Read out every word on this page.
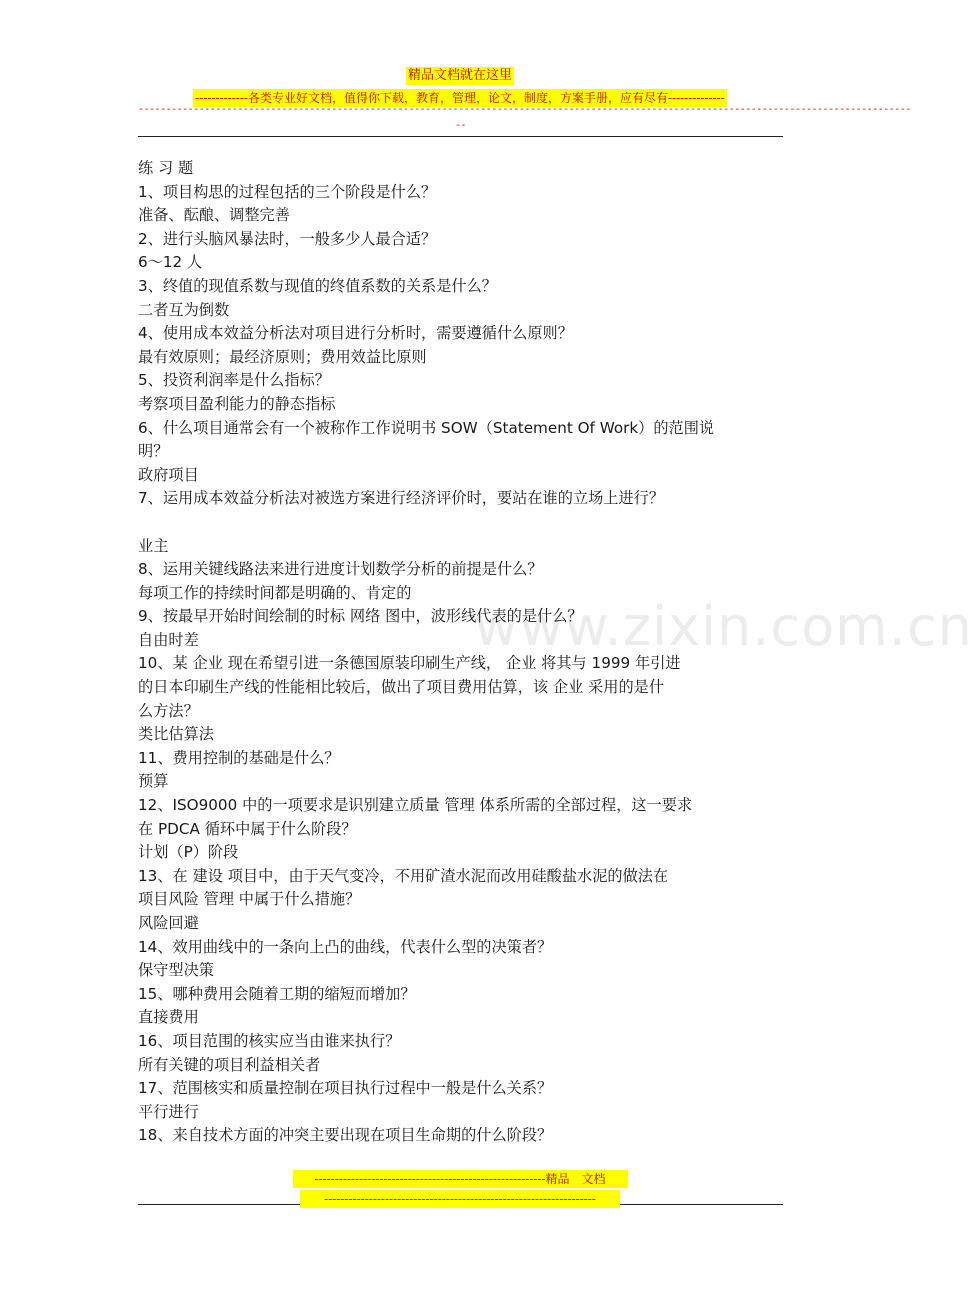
精品文档就在这里
-------------各类专业好文档，值得你下载，教育，管理，论文，制度，方案手册，应有尽有--------------
--------------------------------------------------------------------------------------------------------------------------------------------
--
www.zixin.com.cn

练 习 题

1、项目构思的过程包括的三个阶段是什么？

准备、酝酿、调整完善

2、进行头脑风暴法时，一般多少人最合适？

6～12 人

3、终值的现值系数与现值的终值系数的关系是什么？

二者互为倒数

4、使用成本效益分析法对项目进行分析时，需要遵循什么原则？

最有效原则；最经济原则；费用效益比原则

5、投资利润率是什么指标？

考察项目盈利能力的静态指标

6、什么项目通常会有一个被称作工作说明书 SOW（Statement Of Work）的范围说

明？

政府项目

7、运用成本效益分析法对被选方案进行经济评价时，要站在谁的立场上进行？

业主

8、运用关键线路法来进行进度计划数学分析的前提是什么？

每项工作的持续时间都是明确的、肯定的

9、按最早开始时间绘制的时标 网络 图中，波形线代表的是什么？

自由时差

10、某 企业 现在希望引进一条德国原装印刷生产线， 企业 将其与 1999 年引进

的日本印刷生产线的性能相比较后，做出了项目费用估算，该 企业 采用的是什

么方法？

类比估算法

11、费用控制的基础是什么？

预算

12、ISO9000 中的一项要求是识别建立质量 管理 体系所需的全部过程，这一要求

在 PDCA 循环中属于什么阶段？

计划（P）阶段

13、在 建设 项目中，由于天气变冷，不用矿渣水泥而改用硅酸盐水泥的做法在

项目风险 管理 中属于什么措施？

风险回避

14、效用曲线中的一条向上凸的曲线，代表什么型的决策者？

保守型决策

15、哪种费用会随着工期的缩短而增加？

直接费用

16、项目范围的核实应当由谁来执行？

所有关键的项目利益相关者

17、范围核实和质量控制在项目执行过程中一般是什么关系？

平行进行

18、来自技术方面的冲突主要出现在项目生命期的什么阶段？

---------------------------------------------------------精品　文档
-------------------------------------------------------------------
